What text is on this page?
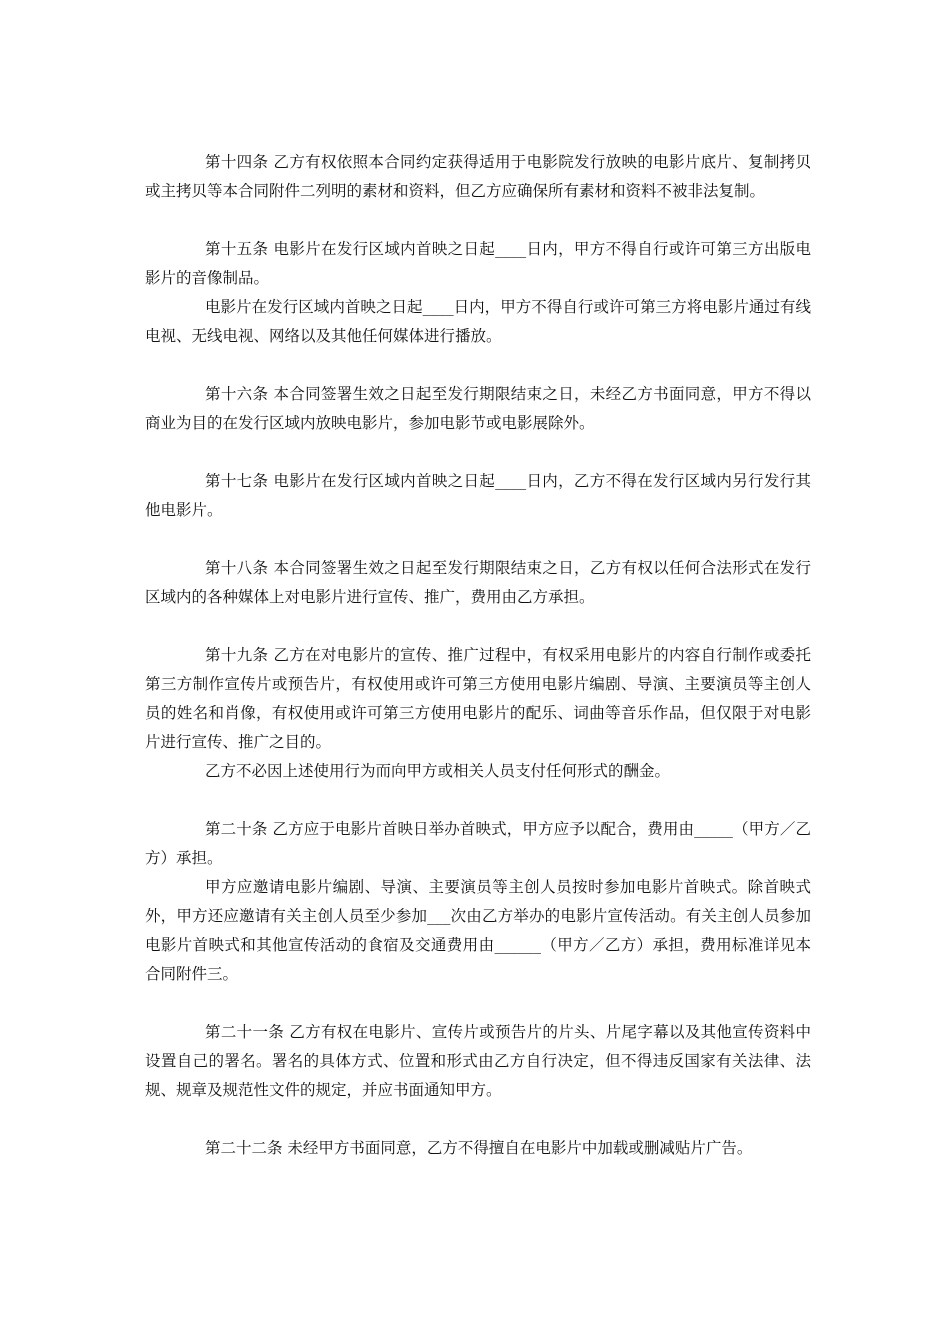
第十四条 乙方有权依照本合同约定获得适用于电影院发行放映的电影片底片、复制拷贝或主拷贝等本合同附件二列明的素材和资料，但乙方应确保所有素材和资料不被非法复制。

第十五条 电影片在发行区域内首映之日起____日内，甲方不得自行或许可第三方出版电影片的音像制品。

电影片在发行区域内首映之日起____日内，甲方不得自行或许可第三方将电影片通过有线电视、无线电视、网络以及其他任何媒体进行播放。

第十六条 本合同签署生效之日起至发行期限结束之日，未经乙方书面同意，甲方不得以商业为目的在发行区域内放映电影片，参加电影节或电影展除外。

第十七条 电影片在发行区域内首映之日起____日内，乙方不得在发行区域内另行发行其他电影片。

第十八条 本合同签署生效之日起至发行期限结束之日，乙方有权以任何合法形式在发行区域内的各种媒体上对电影片进行宣传、推广，费用由乙方承担。

第十九条 乙方在对电影片的宣传、推广过程中，有权采用电影片的内容自行制作或委托第三方制作宣传片或预告片，有权使用或许可第三方使用电影片编剧、导演、主要演员等主创人员的姓名和肖像，有权使用或许可第三方使用电影片的配乐、词曲等音乐作品，但仅限于对电影片进行宣传、推广之目的。

乙方不必因上述使用行为而向甲方或相关人员支付任何形式的酬金。

第二十条 乙方应于电影片首映日举办首映式，甲方应予以配合，费用由_____（甲方／乙方）承担。

甲方应邀请电影片编剧、导演、主要演员等主创人员按时参加电影片首映式。除首映式外，甲方还应邀请有关主创人员至少参加___次由乙方举办的电影片宣传活动。有关主创人员参加电影片首映式和其他宣传活动的食宿及交通费用由______（甲方／乙方）承担，费用标准详见本合同附件三。

第二十一条 乙方有权在电影片、宣传片或预告片的片头、片尾字幕以及其他宣传资料中设置自己的署名。署名的具体方式、位置和形式由乙方自行决定，但不得违反国家有关法律、法规、规章及规范性文件的规定，并应书面通知甲方。

第二十二条 未经甲方书面同意，乙方不得擅自在电影片中加载或删减贴片广告。
